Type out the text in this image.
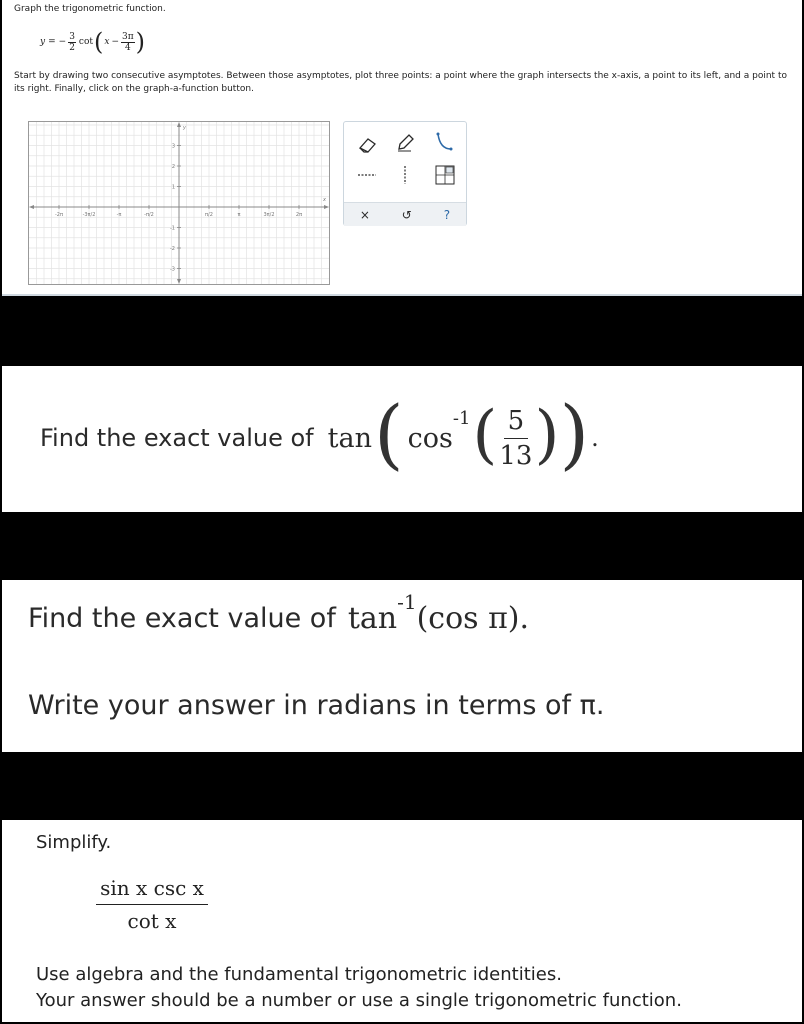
Graph the trigonometric function.
y = − $\frac{3}{2}$ cot ( $x - \frac{3\pi}{4}$ )
Start by drawing two consecutive asymptotes. Between those asymptotes, plot three points: a point where the graph intersects the x-axis, a point to its left, and a point to its right. Finally, click on the graph-a-function button.
x
y
-2π	-3π/2	-π	-π/2	π/2	π	3π/2	2π
3
2
1
-1
-2
-3
×	↺	?
Find the exact value of tan ( cos
-1 ( $\frac{5}{13}$ ) ) .
Find the exact value of tan -1 (cos π).
Write your answer in radians in terms of π.
Simplify.
sin x csc x
cot x
Use algebra and the fundamental trigonometric identities.
Your answer should be a number or use a single trigonometric function.
